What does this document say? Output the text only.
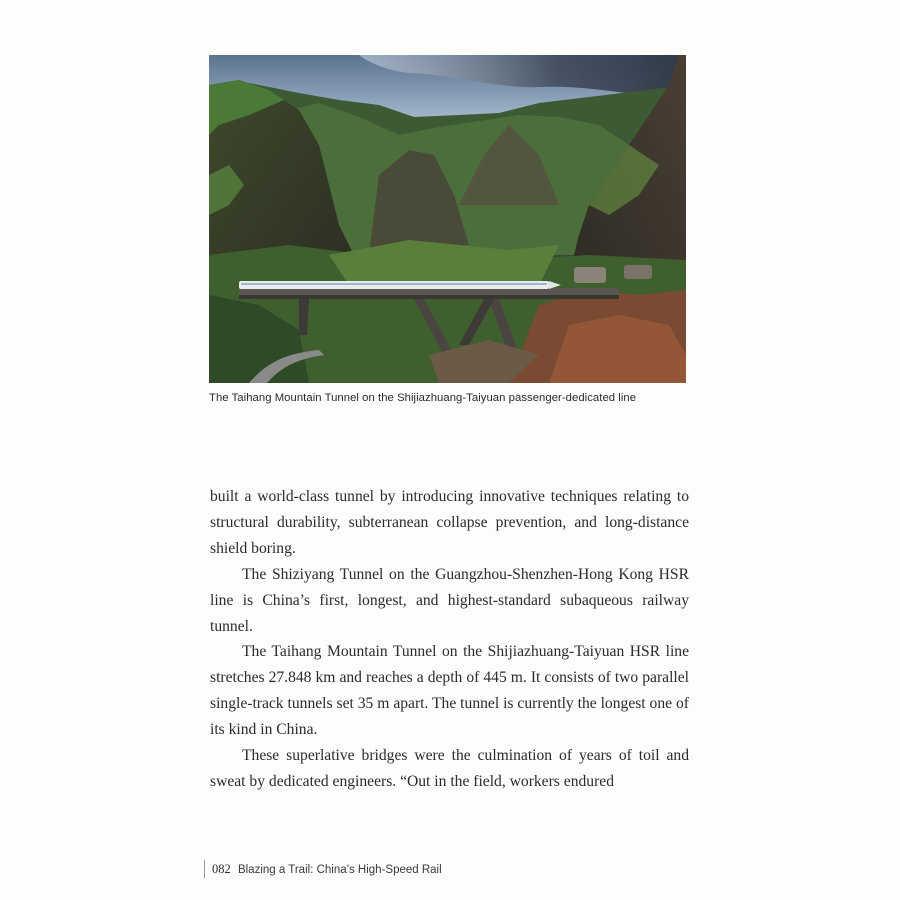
The Taihang Mountain Tunnel on the Shijiazhuang-Taiyuan passenger-dedicated line

built a world-class tunnel by introducing innovative techniques relating to structural durability, subterranean collapse prevention, and long-distance shield boring.

The Shiziyang Tunnel on the Guangzhou-Shenzhen-Hong Kong HSR line is China’s first, longest, and highest-standard subaqueous railway tunnel.

The Taihang Mountain Tunnel on the Shijiazhuang-Taiyuan HSR line stretches 27.848 km and reaches a depth of 445 m. It consists of two parallel single-track tunnels set 35 m apart. The tunnel is currently the longest one of its kind in China.

These superlative bridges were the culmination of years of toil and sweat by dedicated engineers. “Out in the field, workers endured

082 Blazing a Trail: China’s High-Speed Rail
